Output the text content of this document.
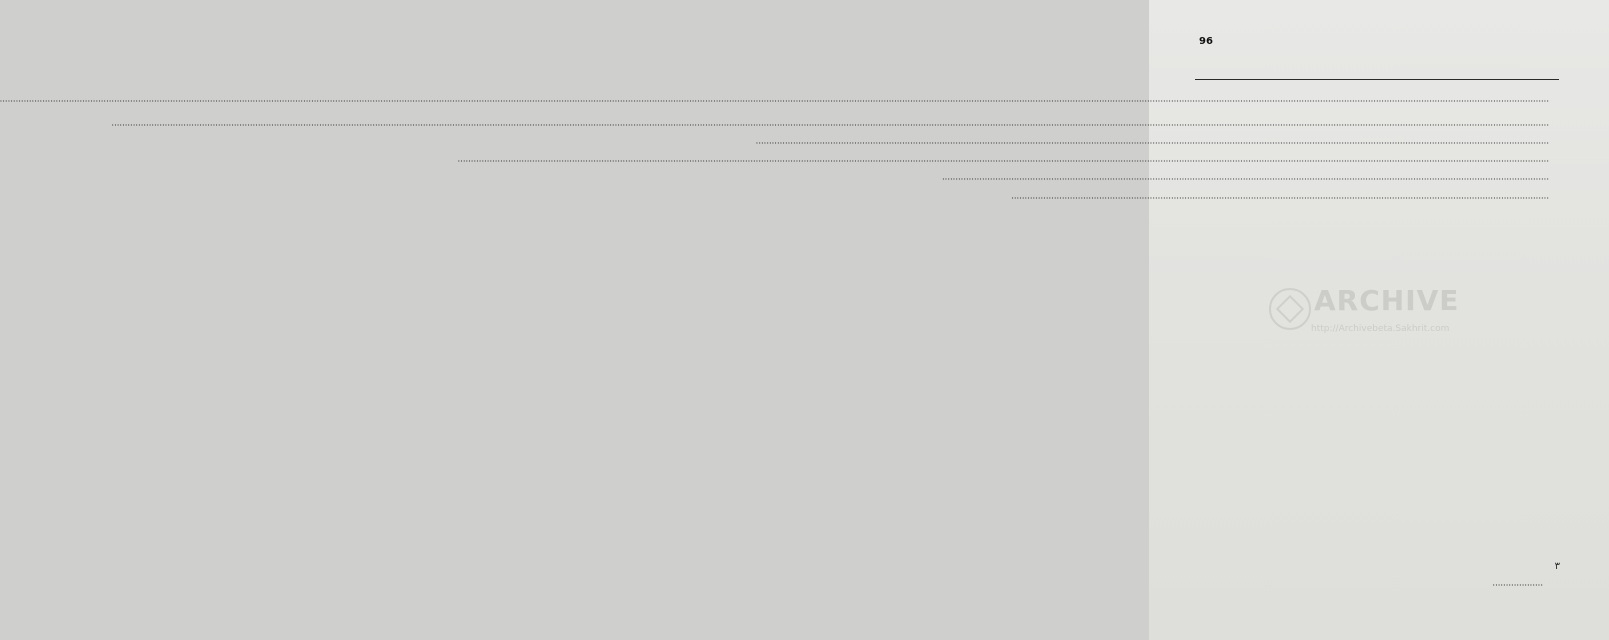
96
ARCHIVE
http://Archivebeta.Sakhrit.com

······································································································································································································································································································································································································································································································································································································

····························································································································································································································································································································································································································································································································································

··········································································································································································································································································································

··························································································································································································································································································································································································································

····································································································································································································································

··········································································································································································································

٣
···················
